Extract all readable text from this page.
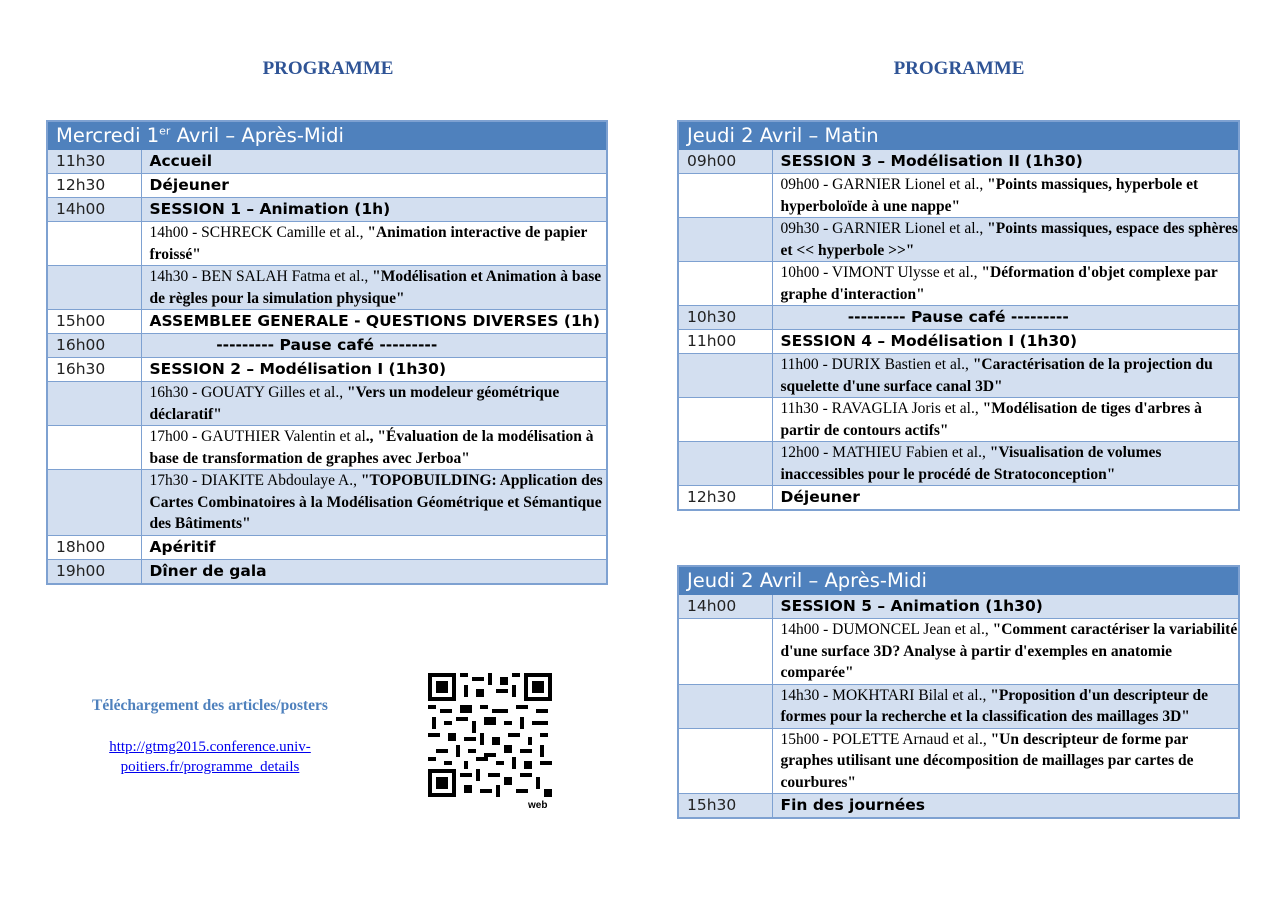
PROGRAMME
Mercredi 1er Avril – Après-Midi	
11h30	Accueil
12h30	Déjeuner
14h00	SESSION 1 – Animation (1h)
	14h00 - SCHRECK Camille et al., "Animation interactive de papier froissé"
	14h30 - BEN SALAH Fatma et al., "Modélisation et Animation à base de règles pour la simulation physique"
15h00	ASSEMBLEE GENERALE - QUESTIONS DIVERSES (1h)
16h00	--------- Pause café ---------
16h30	SESSION 2 – Modélisation I (1h30)
	16h30 - GOUATY Gilles et al., "Vers un modeleur géométrique déclaratif"
	17h00 - GAUTHIER Valentin et al., "Évaluation de la modélisation à base de transformation de graphes avec Jerboa"
	17h30 - DIAKITE Abdoulaye A., "TOPOBUILDING: Application des Cartes Combinatoires à la Modélisation Géométrique et Sémantique des Bâtiments"
18h00	Apéritif
19h00	Dîner de gala
Téléchargement des articles/posters
http://gtmg2015.conference.univ-poitiers.fr/programme_details
web
PROGRAMME
Jeudi 2 Avril – Matin	
09h00	SESSION 3 – Modélisation II (1h30)
	09h00 - GARNIER Lionel et al., "Points massiques, hyperbole et hyperboloïde à une nappe"
	09h30 - GARNIER Lionel et al., "Points massiques, espace des sphères et << hyperbole >>"
	10h00 - VIMONT Ulysse et al., "Déformation d'objet complexe par graphe d'interaction"
10h30	--------- Pause café ---------
11h00	SESSION 4 – Modélisation I (1h30)
	11h00 - DURIX Bastien et al., "Caractérisation de la projection du squelette d'une surface canal 3D"
	11h30 - RAVAGLIA Joris et al., "Modélisation de tiges d'arbres à partir de contours actifs"
	12h00 - MATHIEU Fabien et al., "Visualisation de volumes inaccessibles pour le procédé de Stratoconception"
12h30	Déjeuner
Jeudi 2 Avril – Après-Midi	
14h00	SESSION 5 – Animation (1h30)
	14h00 - DUMONCEL Jean et al., "Comment caractériser la variabilité d'une surface 3D? Analyse à partir d'exemples en anatomie comparée"
	14h30 - MOKHTARI Bilal et al., "Proposition d'un descripteur de formes pour la recherche et la classification des maillages 3D"
	15h00 - POLETTE Arnaud et al., "Un descripteur de forme par graphes utilisant une décomposition de maillages par cartes de courbures"
15h30	Fin des journées
